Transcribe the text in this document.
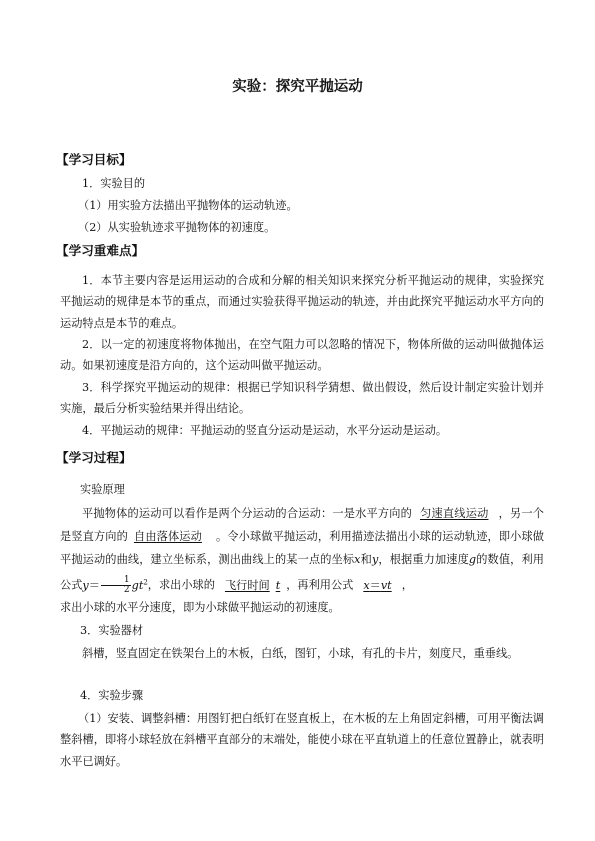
实验：探究平抛运动
【学习目标】
1．实验目的
（1）用实验方法描出平抛物体的运动轨迹。
（2）从实验轨迹求平抛物体的初速度。
【学习重难点】
1．本节主要内容是运用运动的合成和分解的相关知识来探究分析平抛运动的规律，实验探究平抛运动的规律是本节的重点，而通过实验获得平抛运动的轨迹，并由此探究平抛运动水平方向的运动特点是本节的难点。
2．以一定的初速度将物体抛出，在空气阻力可以忽略的情况下，物体所做的运动叫做抛体运动。如果初速度是沿方向的，这个运动叫做平抛运动。
3．科学探究平抛运动的规律：根据已学知识科学猜想、做出假设，然后设计制定实验计划并实施，最后分析实验结果并得出结论。
4．平抛运动的规律：平抛运动的竖直分运动是运动，水平分运动是运动。
【学习过程】
实验原理
平抛物体的运动可以看作是两个分运动的合运动：一是水平方向的 匀速直线运动 ，另一个是竖直方向的 自由落体运动 。令小球做平抛运动，利用描迹法描出小球的运动轨迹，即小球做平抛运动的曲线，建立坐标系，测出曲线上的某一点的坐标x和y，根据重力加速度g的数值，利用公式$y= \frac{1}{2} gt^2$，求出小球的 飞行时间 t ，再利用公式 x＝vt ，
求出小球的水平分速度，即为小球做平抛运动的初速度。
3．实验器材
斜槽，竖直固定在铁架台上的木板，白纸，图钉，小球，有孔的卡片，刻度尺，重垂线。
4．实验步骤
（1）安装、调整斜槽：用图钉把白纸钉在竖直板上，在木板的左上角固定斜槽，可用平衡法调整斜槽，即将小球轻放在斜槽平直部分的末端处，能使小球在平直轨道上的任意位置静止，就表明水平已调好。
